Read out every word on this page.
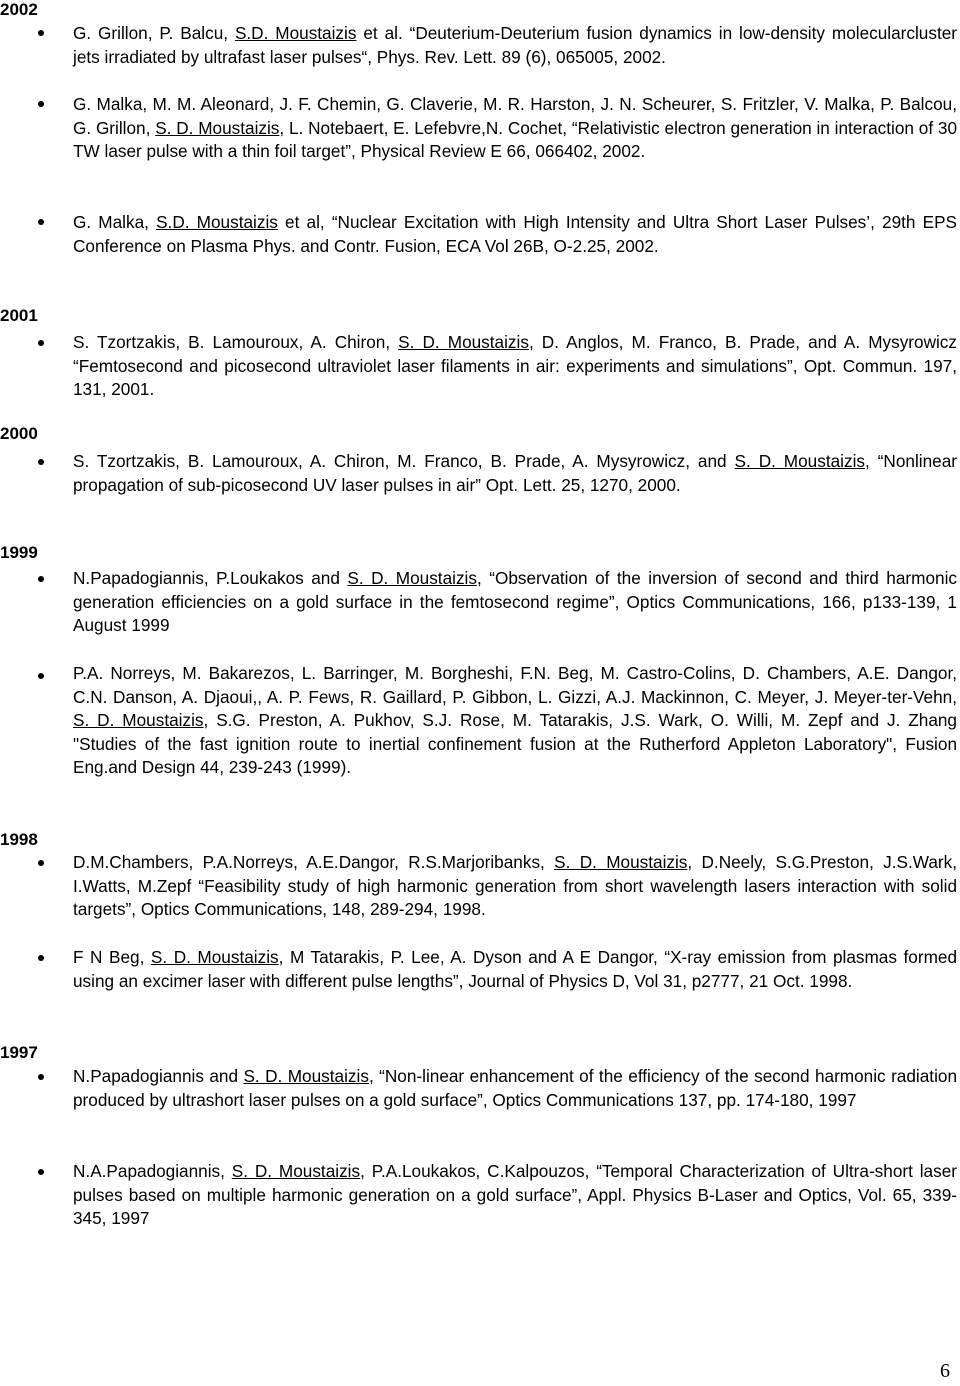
2002
2001
2000
1999
1998
1997
G. Grillon, P. Balcu, S.D. Moustaizis et al. “Deuterium-Deuterium fusion dynamics in low-density molecularcluster jets irradiated by ultrafast laser pulses“, Phys. Rev. Lett. 89 (6), 065005, 2002.
G. Malka, M. M. Aleonard, J. F. Chemin, G. Claverie, M. R. Harston, J. N. Scheurer, S. Fritzler, V. Malka, P. Balcou, G. Grillon, S. D. Moustaizis, L. Notebaert, E. Lefebvre,N. Cochet, “Relativistic electron generation in interaction of 30 TW laser pulse with a thin foil target”, Physical Review E 66, 066402, 2002.
G. Malka, S.D. Moustaizis et al, “Nuclear Excitation with High Intensity and Ultra Short Laser Pulses’, 29th EPS Conference on Plasma Phys. and Contr. Fusion, ECA Vol 26B, O-2.25, 2002.
S. Tzortzakis, B. Lamouroux, A. Chiron, S. D. Moustaizis, D. Anglos, M. Franco, B. Prade, and A. Mysyrowicz “Femtosecond and picosecond ultraviolet laser filaments in air: experiments and simulations”, Opt. Commun. 197, 131, 2001.
S. Tzortzakis, B. Lamouroux, A. Chiron, M. Franco, B. Prade, A. Mysyrowicz, and S. D. Moustaizis, “Nonlinear propagation of sub-picosecond UV laser pulses in air” Opt. Lett. 25, 1270, 2000.
N.Papadogiannis, P.Loukakos and S. D. Moustaizis, “Observation of the inversion of second and third harmonic generation efficiencies on a gold surface in the femtosecond regime”, Optics Communications, 166, p133-139, 1 August 1999
P.A. Norreys, M. Bakarezos, L. Barringer, M. Borgheshi, F.N. Beg, M. Castro-Colins, D. Chambers, A.E. Dangor, C.N. Danson, A. Djaoui,, A. P. Fews, R. Gaillard, P. Gibbon, L. Gizzi, A.J. Mackinnon, C. Meyer, J. Meyer-ter-Vehn, S. D. Moustaizis, S.G. Preston, A. Pukhov, S.J. Rose, M. Tatarakis, J.S. Wark, O. Willi, M. Zepf and J. Zhang "Studies of the fast ignition route to inertial confinement fusion at the Rutherford Appleton Laboratory", Fusion Eng.and Design 44, 239-243 (1999).
D.M.Chambers, P.A.Norreys, A.E.Dangor, R.S.Marjoribanks, S. D. Moustaizis, D.Neely, S.G.Preston, J.S.Wark, I.Watts, M.Zepf “Feasibility study of high harmonic generation from short wavelength lasers interaction with solid targets”, Optics Communications, 148, 289-294, 1998.
F N Beg, S. D. Moustaizis, M Tatarakis, P. Lee, A. Dyson and A E Dangor, “X-ray emission from plasmas formed using an excimer laser with different pulse lengths”, Journal of Physics D, Vol 31, p2777, 21 Oct. 1998.
N.Papadogiannis and S. D. Moustaizis, “Non-linear enhancement of the efficiency of the second harmonic radiation produced by ultrashort laser pulses on a gold surface”, Optics Communications 137, pp. 174-180, 1997
N.A.Papadogiannis, S. D. Moustaizis, P.A.Loukakos, C.Kalpouzos, “Temporal Characterization of Ultra-short laser pulses based on multiple harmonic generation on a gold surface”, Appl. Physics B-Laser and Optics, Vol. 65, 339-345, 1997
6
